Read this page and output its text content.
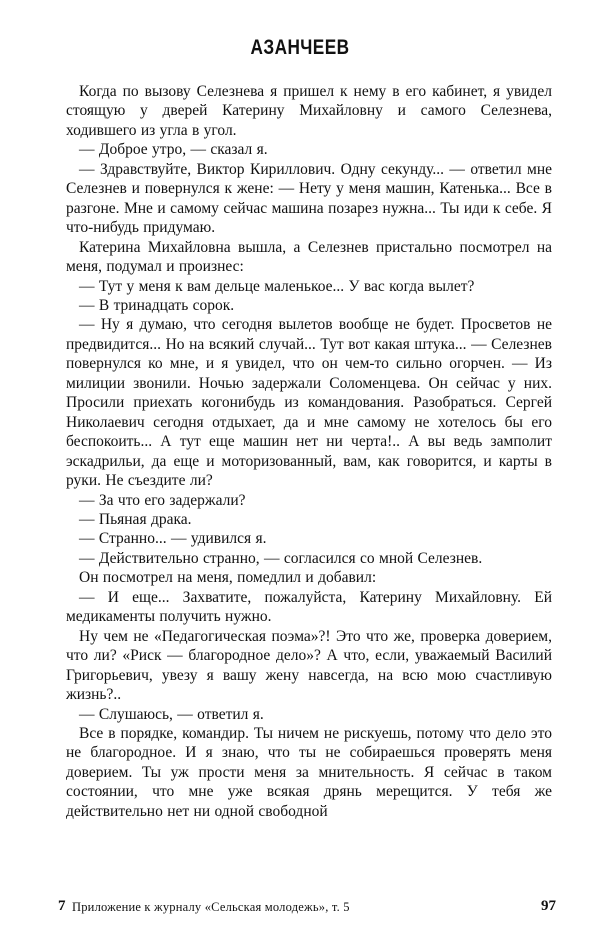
АЗАНЧЕЕВ

Когда по вызову Селезнева я пришел к нему в его кабинет, я увидел стоящую у дверей Катерину Михайловну и самого Селезнева, ходившего из угла в угол.

— Доброе утро, — сказал я.

— Здравствуйте, Виктор Кириллович. Одну секунду... — ответил мне Селезнев и повернулся к жене: — Нету у меня машин, Катенька... Все в разгоне. Мне и самому сейчас машина позарез нужна... Ты иди к себе. Я что-нибудь придумаю.

Катерина Михайловна вышла, а Селезнев пристально посмотрел на меня, подумал и произнес:

— Тут у меня к вам дельце маленькое... У вас когда вылет?

— В тринадцать сорок.

— Ну я думаю, что сегодня вылетов вообще не будет. Просветов не предвидится... Но на всякий случай... Тут вот какая штука... — Селезнев повернулся ко мне, и я увидел, что он чем-то сильно огорчен. — Из милиции звонили. Ночью задержали Соломенцева. Он сейчас у них. Просили приехать когонибудь из командования. Разобраться. Сергей Николаевич сегодня отдыхает, да и мне самому не хотелось бы его беспокоить... А тут еще машин нет ни черта!.. А вы ведь замполит эскадрильи, да еще и моторизованный, вам, как говорится, и карты в руки. Не съездите ли?

— За что его задержали?

— Пьяная драка.

— Странно... — удивился я.

— Действительно странно, — согласился со мной Селезнев.

Он посмотрел на меня, помедлил и добавил:

— И еще... Захватите, пожалуйста, Катерину Михайловну. Ей медикаменты получить нужно.

Ну чем не «Педагогическая поэма»?! Это что же, проверка доверием, что ли? «Риск — благородное дело»? А что, если, уважаемый Василий Григорьевич, увезу я вашу жену навсегда, на всю мою счастливую жизнь?..

— Слушаюсь, — ответил я.

Все в порядке, командир. Ты ничем не рискуешь, потому что дело это не благородное. И я знаю, что ты не собираешься проверять меня доверием. Ты уж прости меня за мнительность. Я сейчас в таком состоянии, что мне уже всякая дрянь мерещится. У тебя же действительно нет ни одной свободной

7 Приложение к журналу «Сельская молодежь», т. 5	97
